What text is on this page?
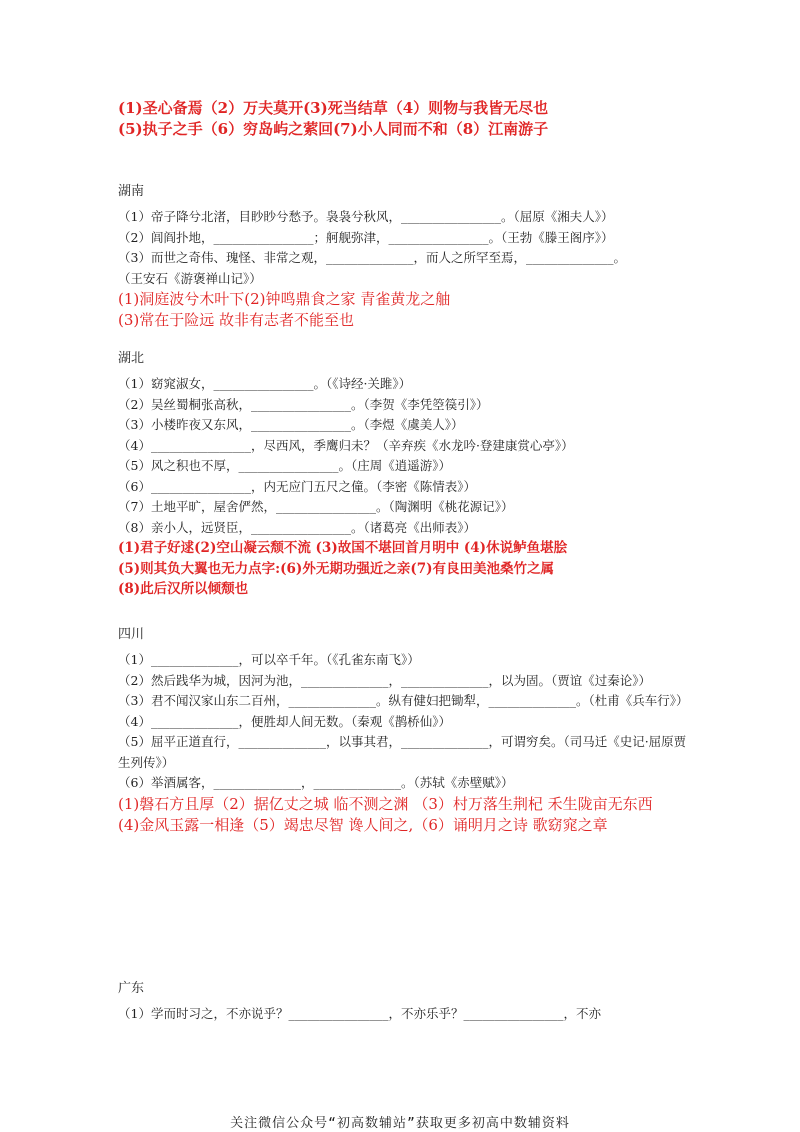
(1)圣心备焉（2）万夫莫开(3)死当结草（4）则物与我皆无尽也
(5)执子之手（6）穷岛屿之萦回(7)小人同而不和（8）江南游子
湖南
（1）帝子降兮北渚，目眇眇兮愁予。袅袅兮秋风，________________。（屈原《湘夫人》）
（2）闾阎扑地，________________；舸舰弥津，________________。（王勃《滕王阁序》）
（3）而世之奇伟、瑰怪、非常之观，______________，而人之所罕至焉，______________。
（王安石《游褒禅山记》）
(1)洞庭波兮木叶下(2)钟鸣鼎食之家 青雀黄龙之舳
(3)常在于险远 故非有志者不能至也
湖北
（1）窈窕淑女，________________。（《诗经·关雎》）
（2）吴丝蜀桐张高秋，________________。（李贺《李凭箜篌引》）
（3）小楼昨夜又东风，________________。（李煜《虞美人》）
（4）________________，尽西风，季鹰归未？（辛弃疾《水龙吟·登建康赏心亭》）
（5）风之积也不厚，________________。（庄周《逍遥游》）
（6）________________，内无应门五尺之僮。（李密《陈情表》）
（7）土地平旷，屋舍俨然，________________。（陶渊明《桃花源记》）
（8）亲小人，远贤臣，________________。（诸葛亮《出师表》）
(1)君子好逑(2)空山凝云颓不流 (3)故国不堪回首月明中 (4)休说鲈鱼堪脍
(5)则其负大翼也无力点字:(6)外无期功强近之亲(7)有良田美池桑竹之属
(8)此后汉所以倾颓也
四川
（1）______________，可以卒千年。（《孔雀东南飞》）
（2）然后践华为城，因河为池，______________，______________，以为固。（贾谊《过秦论》）
（3）君不闻汉家山东二百州，______________。纵有健妇把锄犁，______________。（杜甫《兵车行》）
（4）______________，便胜却人间无数。（秦观《鹊桥仙》）
（5）屈平正道直行，______________，以事其君，______________，可谓穷矣。（司马迁《史记·屈原贾生列传》）
（6）举酒属客，______________，______________。（苏轼《赤壁赋》）
(1)磐石方且厚（2）据亿丈之城 临不测之渊 （3）村万落生荆杞 禾生陇亩无东西
(4)金风玉露一相逢（5）竭忠尽智 谗人间之,（6）诵明月之诗 歌窈窕之章
广东
（1）学而时习之，不亦说乎？________________，不亦乐乎？________________，不亦
关注微信公众号“初高数辅站”获取更多初高中数辅资料
